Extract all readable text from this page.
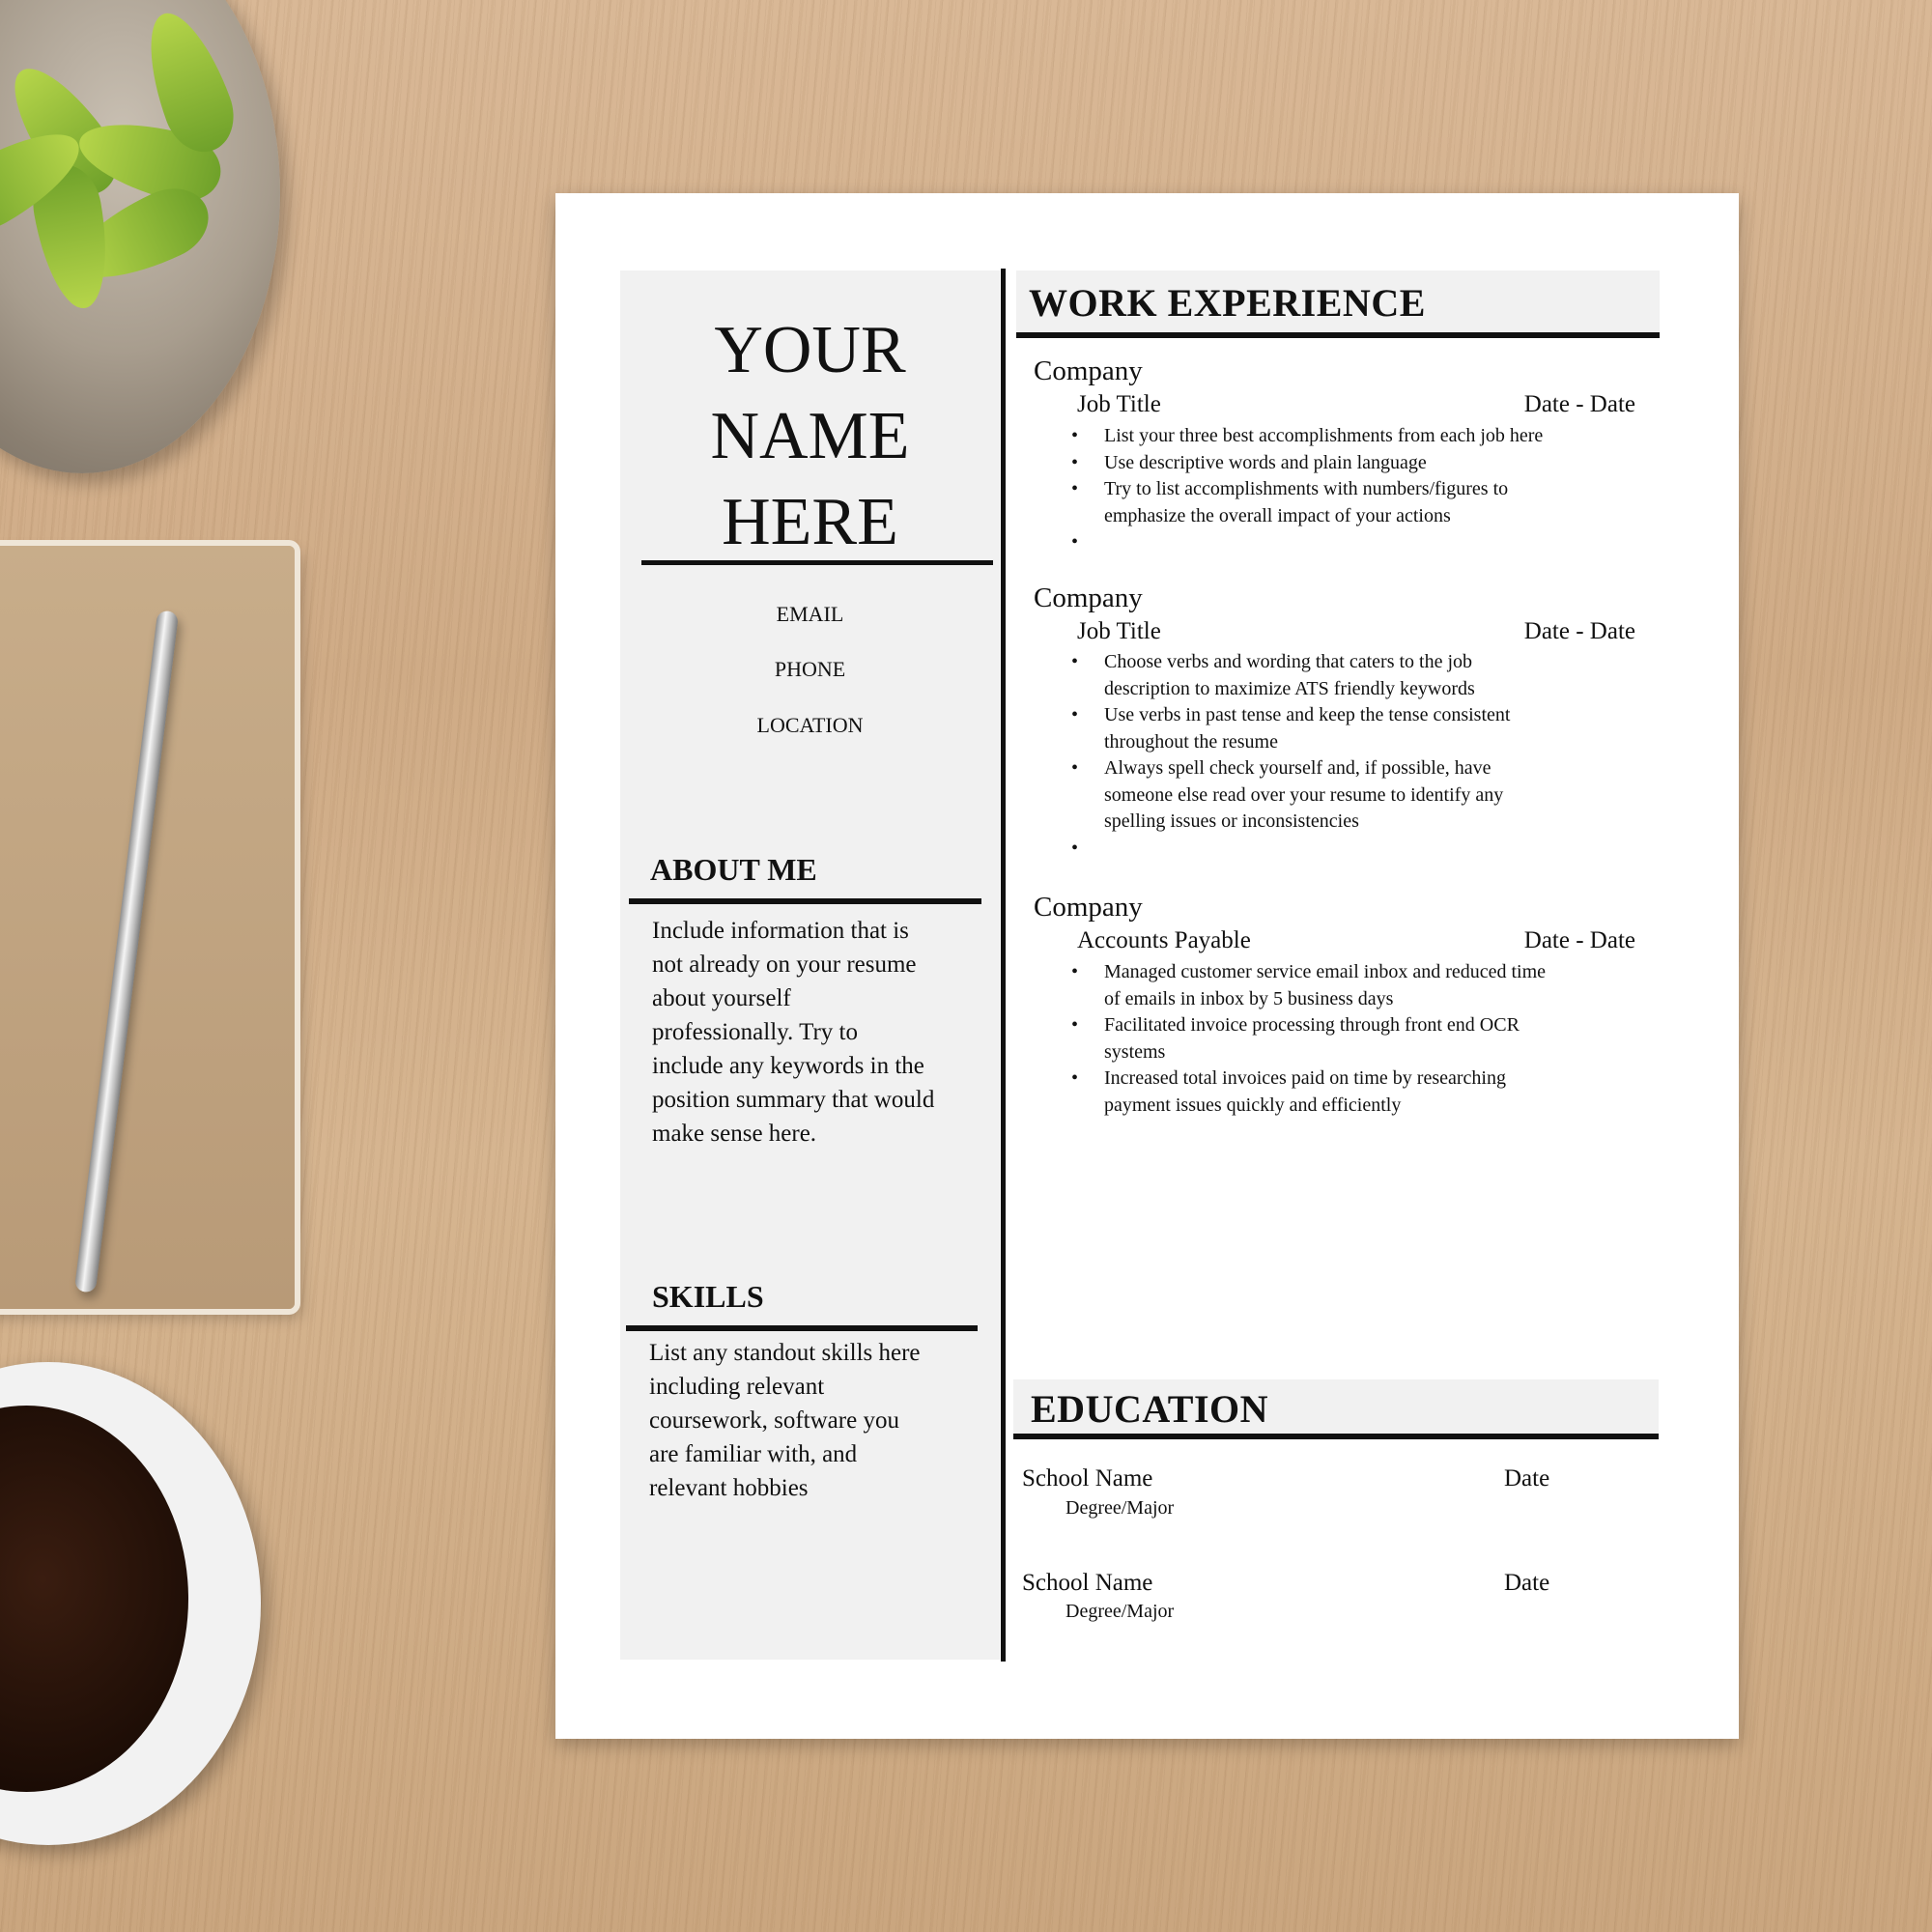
YOUR
NAME
HERE
EMAIL
PHONE
LOCATION
ABOUT ME
Include information that is
not already on your resume
about yourself
professionally. Try to
include any keywords in the
position summary that would
make sense here.
SKILLS
List any standout skills here
including relevant
coursework, software you
are familiar with, and
relevant hobbies
WORK EXPERIENCE
Company
Job Title	Date - Date
• List your three best accomplishments from each job here
• Use descriptive words and plain language
• Try to list accomplishments with numbers/figures to
emphasize the overall impact of your actions
•
Company
Job Title	Date - Date
• Choose verbs and wording that caters to the job
description to maximize ATS friendly keywords
• Use verbs in past tense and keep the tense consistent
throughout the resume
• Always spell check yourself and, if possible, have
someone else read over your resume to identify any
spelling issues or inconsistencies
•
Company
Accounts Payable	Date - Date
• Managed customer service email inbox and reduced time
of emails in inbox by 5 business days
• Facilitated invoice processing through front end OCR
systems
• Increased total invoices paid on time by researching
payment issues quickly and efficiently
EDUCATION
School Name	Date
Degree/Major
School Name	Date
Degree/Major
